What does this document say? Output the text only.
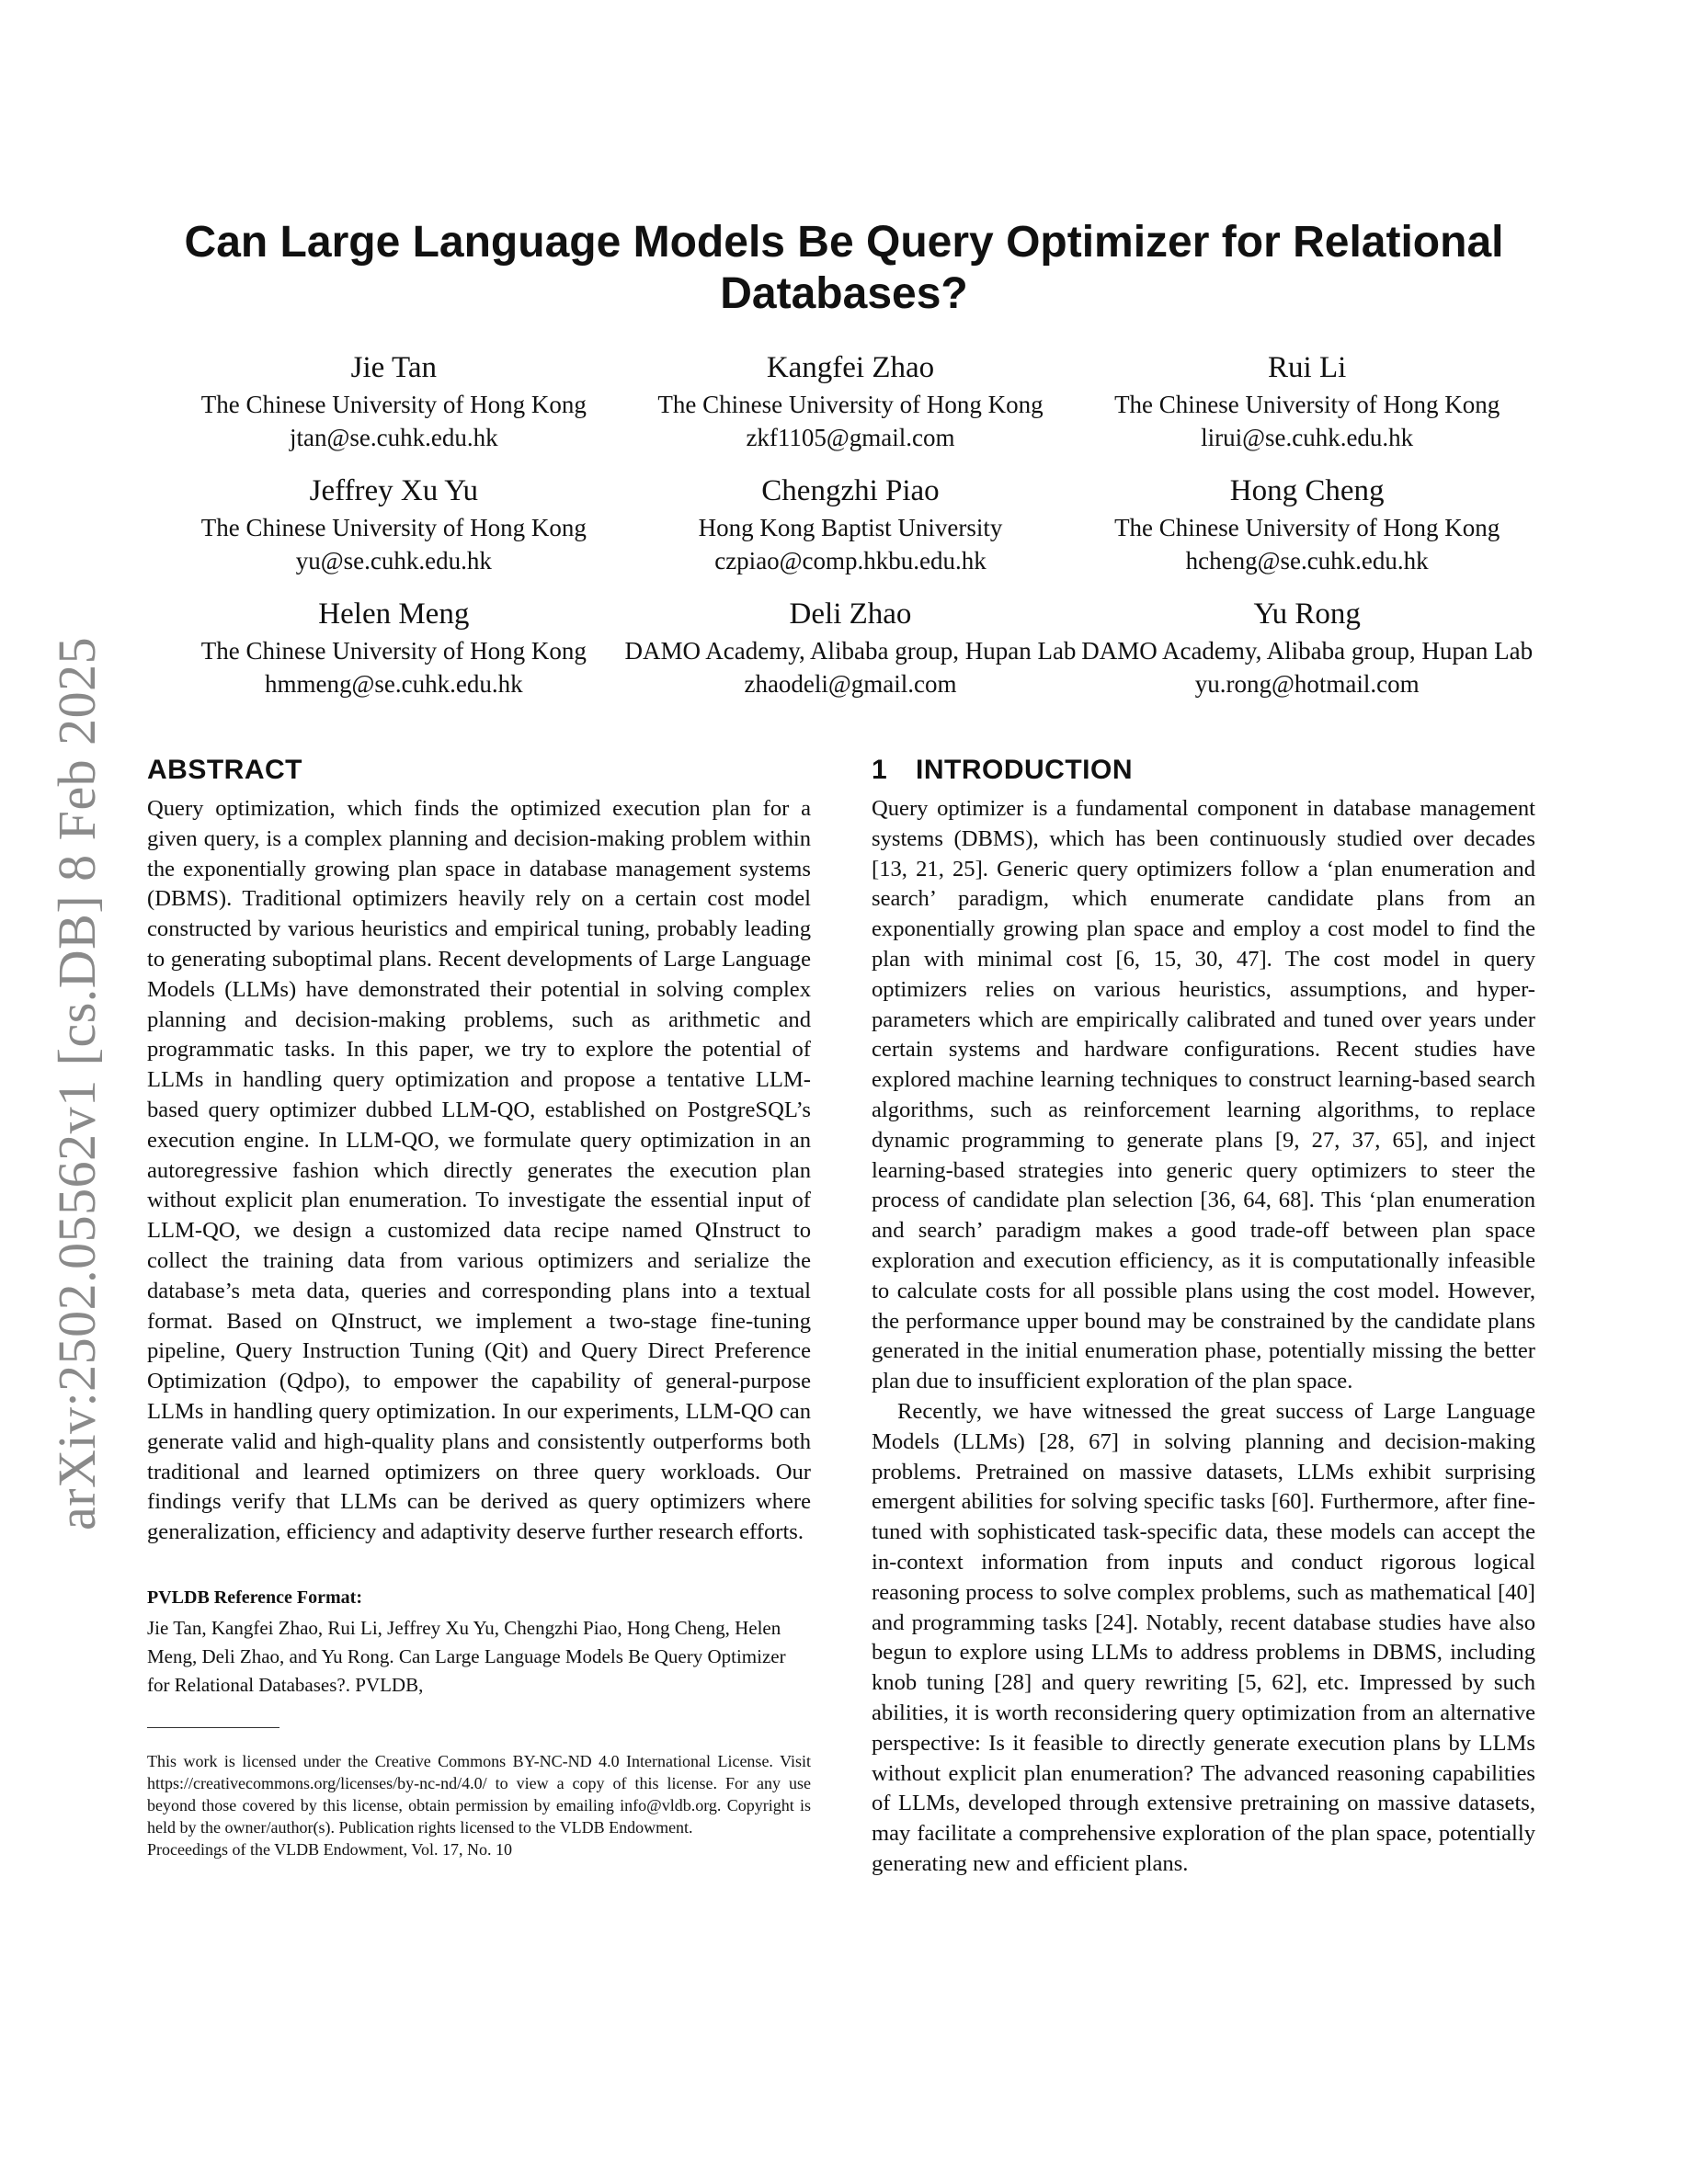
arXiv:2502.05562v1 [cs.DB] 8 Feb 2025
Can Large Language Models Be Query Optimizer for Relational Databases?
Jie Tan
The Chinese University of Hong Kong
jtan@se.cuhk.edu.hk
Kangfei Zhao
The Chinese University of Hong Kong
zkf1105@gmail.com
Rui Li
The Chinese University of Hong Kong
lirui@se.cuhk.edu.hk
Jeffrey Xu Yu
The Chinese University of Hong Kong
yu@se.cuhk.edu.hk
Chengzhi Piao
Hong Kong Baptist University
czpiao@comp.hkbu.edu.hk
Hong Cheng
The Chinese University of Hong Kong
hcheng@se.cuhk.edu.hk
Helen Meng
The Chinese University of Hong Kong
hmmeng@se.cuhk.edu.hk
Deli Zhao
DAMO Academy, Alibaba group, Hupan Lab
zhaodeli@gmail.com
Yu Rong
DAMO Academy, Alibaba group, Hupan Lab
yu.rong@hotmail.com
ABSTRACT

Query optimization, which finds the optimized execution plan for a given query, is a complex planning and decision-making problem within the exponentially growing plan space in database management systems (DBMS). Traditional optimizers heavily rely on a certain cost model constructed by various heuristics and empirical tuning, probably leading to generating suboptimal plans. Recent developments of Large Language Models (LLMs) have demonstrated their potential in solving complex planning and decision-making problems, such as arithmetic and programmatic tasks. In this paper, we try to explore the potential of LLMs in handling query optimization and propose a tentative LLM-based query optimizer dubbed LLM-QO, established on PostgreSQL’s execution engine. In LLM-QO, we formulate query optimization in an autoregressive fashion which directly generates the execution plan without explicit plan enumeration. To investigate the essential input of LLM-QO, we design a customized data recipe named QInstruct to collect the training data from various optimizers and serialize the database’s meta data, queries and corresponding plans into a textual format. Based on QInstruct, we implement a two-stage fine-tuning pipeline, Query Instruction Tuning (Qit) and Query Direct Preference Optimization (Qdpo), to empower the capability of general-purpose LLMs in handling query optimization. In our experiments, LLM-QO can generate valid and high-quality plans and consistently outperforms both traditional and learned optimizers on three query workloads. Our findings verify that LLMs can be derived as query optimizers where generalization, efficiency and adaptivity deserve further research efforts.

PVLDB Reference Format:

Jie Tan, Kangfei Zhao, Rui Li, Jeffrey Xu Yu, Chengzhi Piao, Hong Cheng, Helen Meng, Deli Zhao, and Yu Rong. Can Large Language Models Be Query Optimizer for Relational Databases?. PVLDB,

This work is licensed under the Creative Commons BY-NC-ND 4.0 International License. Visit https://creativecommons.org/licenses/by-nc-nd/4.0/ to view a copy of this license. For any use beyond those covered by this license, obtain permission by emailing info@vldb.org. Copyright is held by the owner/author(s). Publication rights licensed to the VLDB Endowment.

Proceedings of the VLDB Endowment, Vol. 17, No. 10

1 INTRODUCTION

Query optimizer is a fundamental component in database management systems (DBMS), which has been continuously studied over decades [13, 21, 25]. Generic query optimizers follow a ‘plan enumeration and search’ paradigm, which enumerate candidate plans from an exponentially growing plan space and employ a cost model to find the plan with minimal cost [6, 15, 30, 47]. The cost model in query optimizers relies on various heuristics, assumptions, and hyper-parameters which are empirically calibrated and tuned over years under certain systems and hardware configurations. Recent studies have explored machine learning techniques to construct learning-based search algorithms, such as reinforcement learning algorithms, to replace dynamic programming to generate plans [9, 27, 37, 65], and inject learning-based strategies into generic query optimizers to steer the process of candidate plan selection [36, 64, 68]. This ‘plan enumeration and search’ paradigm makes a good trade-off between plan space exploration and execution efficiency, as it is computationally infeasible to calculate costs for all possible plans using the cost model. However, the performance upper bound may be constrained by the candidate plans generated in the initial enumeration phase, potentially missing the better plan due to insufficient exploration of the plan space.

Recently, we have witnessed the great success of Large Language Models (LLMs) [28, 67] in solving planning and decision-making problems. Pretrained on massive datasets, LLMs exhibit surprising emergent abilities for solving specific tasks [60]. Furthermore, after fine-tuned with sophisticated task-specific data, these models can accept the in-context information from inputs and conduct rigorous logical reasoning process to solve complex problems, such as mathematical [40] and programming tasks [24]. Notably, recent database studies have also begun to explore using LLMs to address problems in DBMS, including knob tuning [28] and query rewriting [5, 62], etc. Impressed by such abilities, it is worth reconsidering query optimization from an alternative perspective: Is it feasible to directly generate execution plans by LLMs without explicit plan enumeration? The advanced reasoning capabilities of LLMs, developed through extensive pretraining on massive datasets, may facilitate a comprehensive exploration of the plan space, potentially generating new and efficient plans.
